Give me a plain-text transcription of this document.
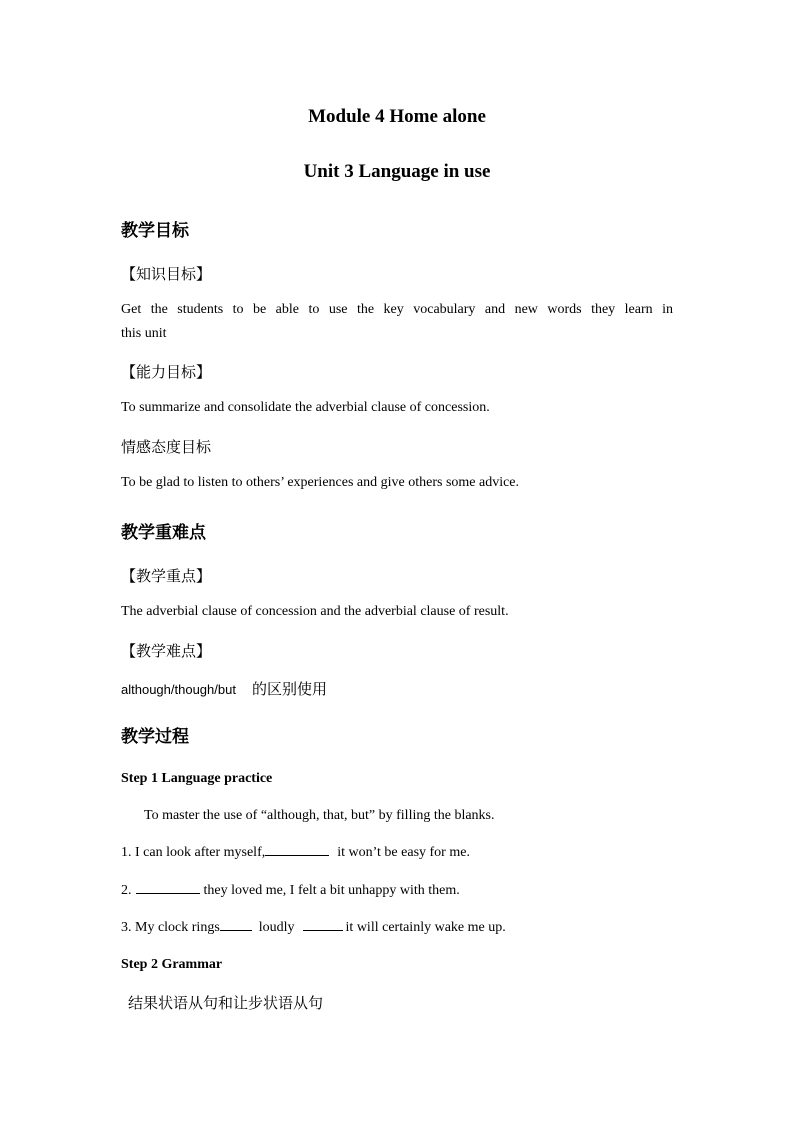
Module 4 Home alone
Unit 3 Language in use
教学目标
【知识目标】
Get the students to be able to use the key vocabulary and new words they learn in
this unit
【能力目标】
To summarize and consolidate the adverbial clause of concession.
情感态度目标
To be glad to listen to others’ experiences and give others some advice.
教学重难点
【教学重点】
The adverbial clause of concession and the adverbial clause of result.
【教学难点】
although/though/but 的区别使用
教学过程
Step 1 Language practice
To master the use of “although, that, but” by filling the blanks.
1. I can look after myself,	it won’t be easy for me.
2.	they loved me, I felt a bit unhappy with them.
3. My clock rings	loudly	it will certainly wake me up.
Step 2 Grammar
结果状语从句和让步状语从句
